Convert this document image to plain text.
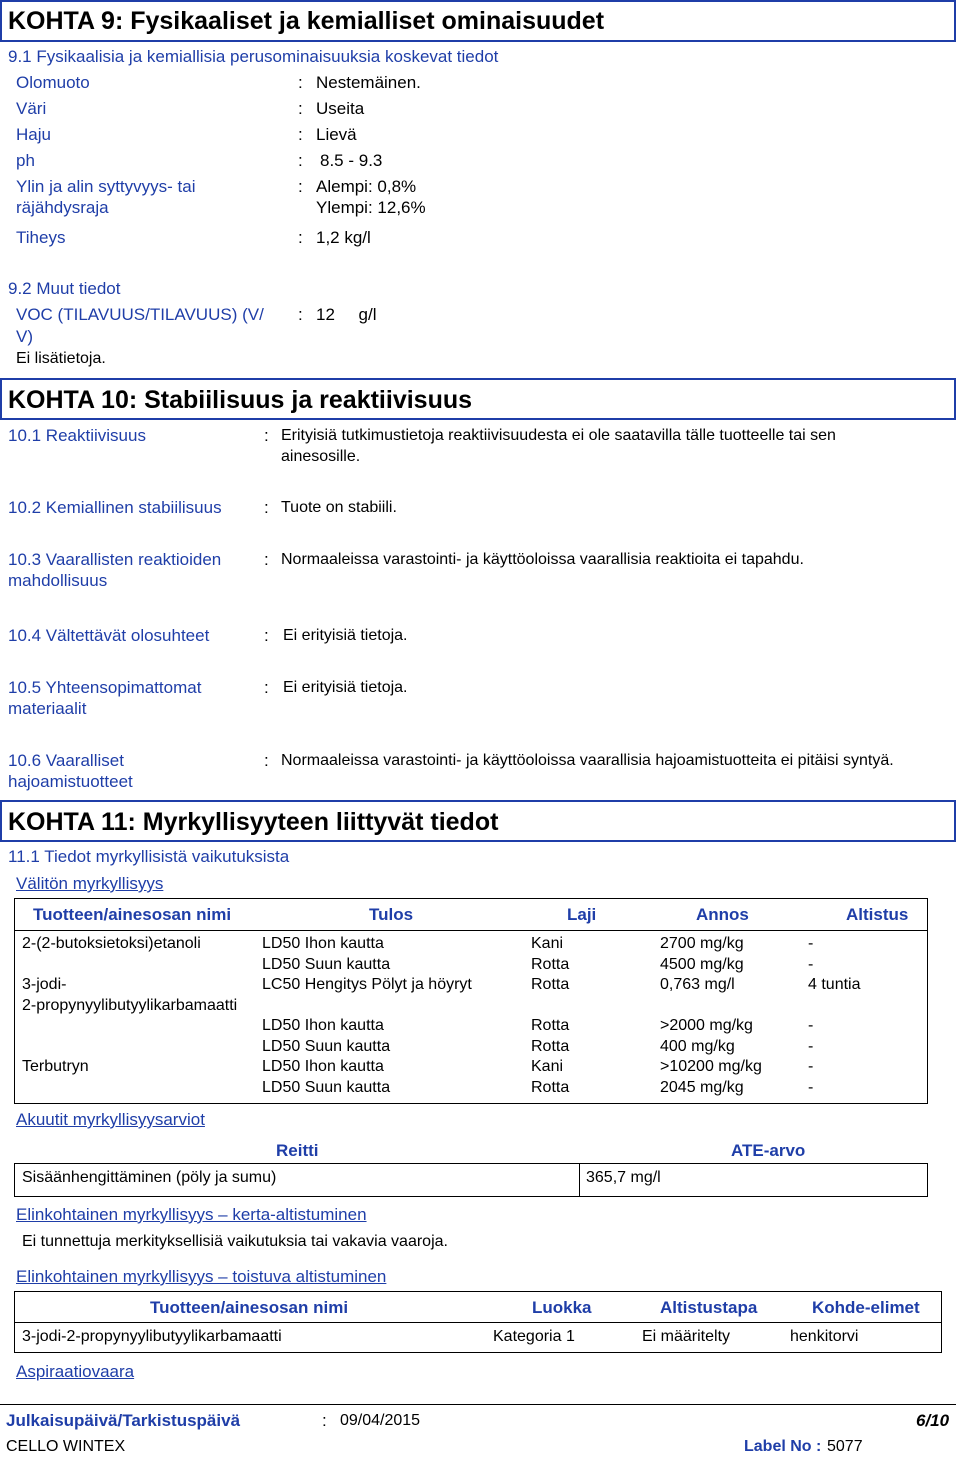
KOHTA 9: Fysikaaliset ja kemialliset ominaisuudet
9.1 Fysikaalisia ja kemiallisia perusominaisuuksia koskevat tiedot
Olomuoto	: Nestemäinen.
Väri	: Useita
Haju	: Lievä
ph	: 8.5 - 9.3
Ylin ja alin syttyvyys- tai
räjähdysraja
: Alempi: 0,8%
Ylempi: 12,6%
Tiheys	: 1,2 kg/l
9.2 Muut tiedot
VOC (TILAVUUS/TILAVUUS) (V/
V)
: 12     g/l
Ei lisätietoja.
KOHTA 10: Stabiilisuus ja reaktiivisuus
10.1 Reaktiivisuus	: Erityisiä tutkimustietoja reaktiivisuudesta ei ole saatavilla tälle tuotteelle tai sen
ainesosille.
10.2 Kemiallinen stabiilisuus : Tuote on stabiili.
10.3 Vaarallisten reaktioiden
mahdollisuus
: Normaaleissa varastointi- ja käyttöoloissa vaarallisia reaktioita ei tapahdu.
10.4 Vältettävät olosuhteet	: Ei erityisiä tietoja.
10.5 Yhteensopimattomat
materiaalit
: Ei erityisiä tietoja.
10.6 Vaaralliset
hajoamistuotteet
: Normaaleissa varastointi- ja käyttöoloissa vaarallisia hajoamistuotteita ei pitäisi syntyä.
KOHTA 11: Myrkyllisyyteen liittyvät tiedot
11.1 Tiedot myrkyllisistä vaikutuksista
Välitön myrkyllisyys
Tuotteen/ainesosan nimi	Tulos	Laji	Annos	Altistus
2-(2-butoksietoksi)etanoli	LD50 Ihon kautta	Kani	2700 mg/kg	-
LD50 Suun kautta	Rotta	4500 mg/kg	-
3-jodi-
2-propynyylibutyylikarbamaatti
LC50 Hengitys Pölyt ja höyryt	Rotta	0,763 mg/l	4 tuntia
LD50 Ihon kautta	Rotta	>2000 mg/kg	-
LD50 Suun kautta	Rotta	400 mg/kg	-
Terbutryn	LD50 Ihon kautta	Kani	>10200 mg/kg	-
LD50 Suun kautta	Rotta	2045 mg/kg	-
Akuutit myrkyllisyysarviot
Reitti	ATE-arvo
Sisäänhengittäminen (pöly ja sumu)	365,7 mg/l
Elinkohtainen myrkyllisyys – kerta-altistuminen
Ei tunnettuja merkityksellisiä vaikutuksia tai vakavia vaaroja.
Elinkohtainen myrkyllisyys – toistuva altistuminen
Tuotteen/ainesosan nimi	Luokka	Altistustapa	Kohde-elimet
3-jodi-2-propynyylibutyylikarbamaatti	Kategoria 1	Ei määritelty	henkitorvi
Aspiraatiovaara
Julkaisupäivä/Tarkistuspäivä	: 09/04/2015	6/10
CELLO WINTEX	Label No : 5077
